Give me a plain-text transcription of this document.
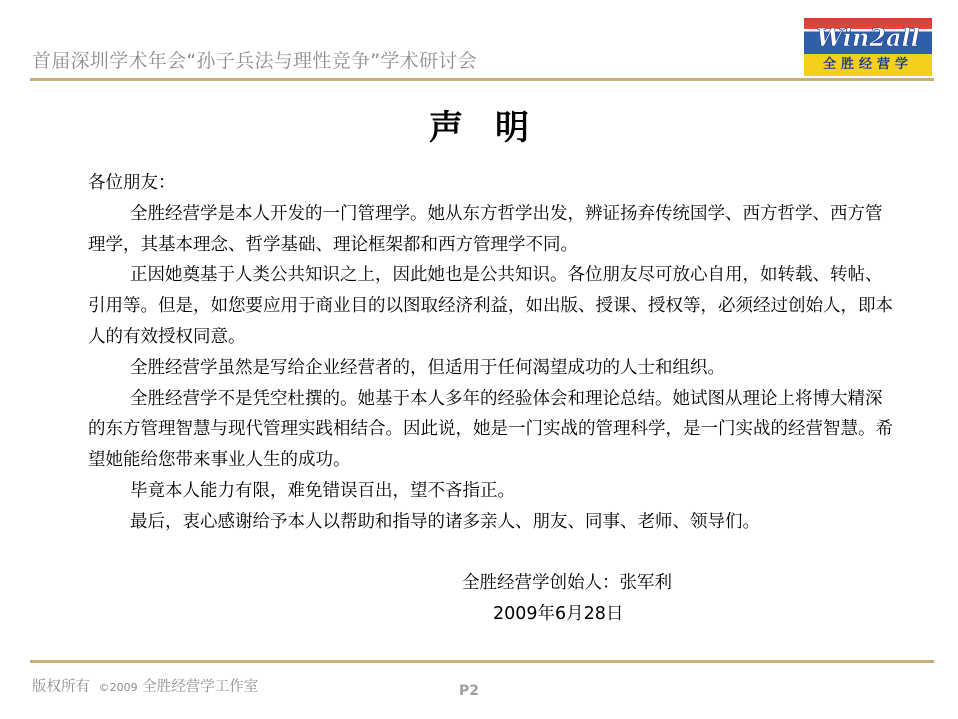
首届深圳学术年会“孙子兵法与理性竞争”学术研讨会
Win2all
全胜经营学
声明

各位朋友：

全胜经营学是本人开发的一门管理学。她从东方哲学出发，辨证扬弃传统国学、西方哲学、西方管理学，其基本理念、哲学基础、理论框架都和西方管理学不同。

正因她奠基于人类公共知识之上，因此她也是公共知识。各位朋友尽可放心自用，如转载、转帖、引用等。但是，如您要应用于商业目的以图取经济利益，如出版、授课、授权等，必须经过创始人，即本人的有效授权同意。

全胜经营学虽然是写给企业经营者的，但适用于任何渴望成功的人士和组织。

全胜经营学不是凭空杜撰的。她基于本人多年的经验体会和理论总结。她试图从理论上将博大精深的东方管理智慧与现代管理实践相结合。因此说，她是一门实战的管理科学，是一门实战的经营智慧。希望她能给您带来事业人生的成功。

毕竟本人能力有限，难免错误百出，望不吝指正。

最后，衷心感谢给予本人以帮助和指导的诸多亲人、朋友、同事、老师、领导们。

全胜经营学创始人：张军利
2009年6月28日
版权所有 ©2009 全胜经营学工作室	P2
